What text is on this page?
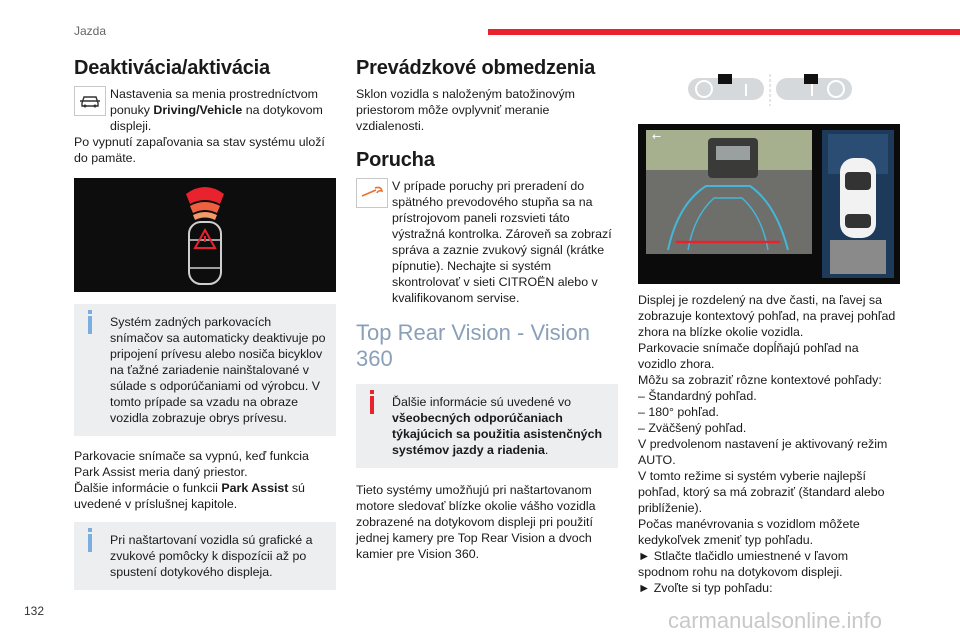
Jazda
Deaktivácia/aktivácia

Nastavenia sa menia prostredníctvom ponuky Driving/Vehicle na dotykovom displeji.

Po vypnutí zapaľovania sa stav systému uloží do pamäte.

Systém zadných parkovacích snímačov sa automaticky deaktivuje po pripojení prívesu alebo nosiča bicyklov na ťažné zariadenie nainštalované v súlade s odporúčaniami od výrobcu. V tomto prípade sa vzadu na obraze vozidla zobrazuje obrys prívesu.

Parkovacie snímače sa vypnú, keď funkcia Park Assist meria daný priestor.
Ďalšie informácie o funkcii Park Assist sú uvedené v príslušnej kapitole.

Pri naštartovaní vozidla sú grafické a zvukové pomôcky k dispozícii až po spustení dotykového displeja.

Prevádzkové obmedzenia

Sklon vozidla s naloženým batožinovým priestorom môže ovplyvniť meranie vzdialenosti.

Porucha

V prípade poruchy pri preradení do spätného prevodového stupňa sa na prístrojovom paneli rozsvieti táto výstražná kontrolka. Zároveň sa zobrazí správa a zaznie zvukový signál (krátke pípnutie). Nechajte si systém skontrolovať v sieti CITROËN alebo v kvalifikovanom servise.

Top Rear Vision - Vision 360

Ďalšie informácie sú uvedené vo všeobecných odporúčaniach týkajúcich sa použitia asistenčných systémov jazdy a riadenia.

Tieto systémy umožňujú pri naštartovanom motore sledovať blízke okolie vášho vozidla zobrazené na dotykovom displeji pri použití jednej kamery pre Top Rear Vision a dvoch kamier pre Vision 360.

←

Displej je rozdelený na dve časti, na ľavej sa zobrazuje kontextový pohľad, na pravej pohľad zhora na blízke okolie vozidla.

Parkovacie snímače dopĺňajú pohľad na vozidlo zhora.

Môžu sa zobraziť rôzne kontextové pohľady:

– Štandardný pohľad.

– 180° pohľad.

– Zväčšený pohľad.

V predvolenom nastavení je aktivovaný režim AUTO.

V tomto režime si systém vyberie najlepší pohľad, ktorý sa má zobraziť (štandard alebo priblíženie).

Počas manévrovania s vozidlom môžete kedykoľvek zmeniť typ pohľadu.

► Stlačte tlačidlo umiestnené v ľavom spodnom rohu na dotykovom displeji.

► Zvoľte si typ pohľadu:

132	carmanualsonline.info
